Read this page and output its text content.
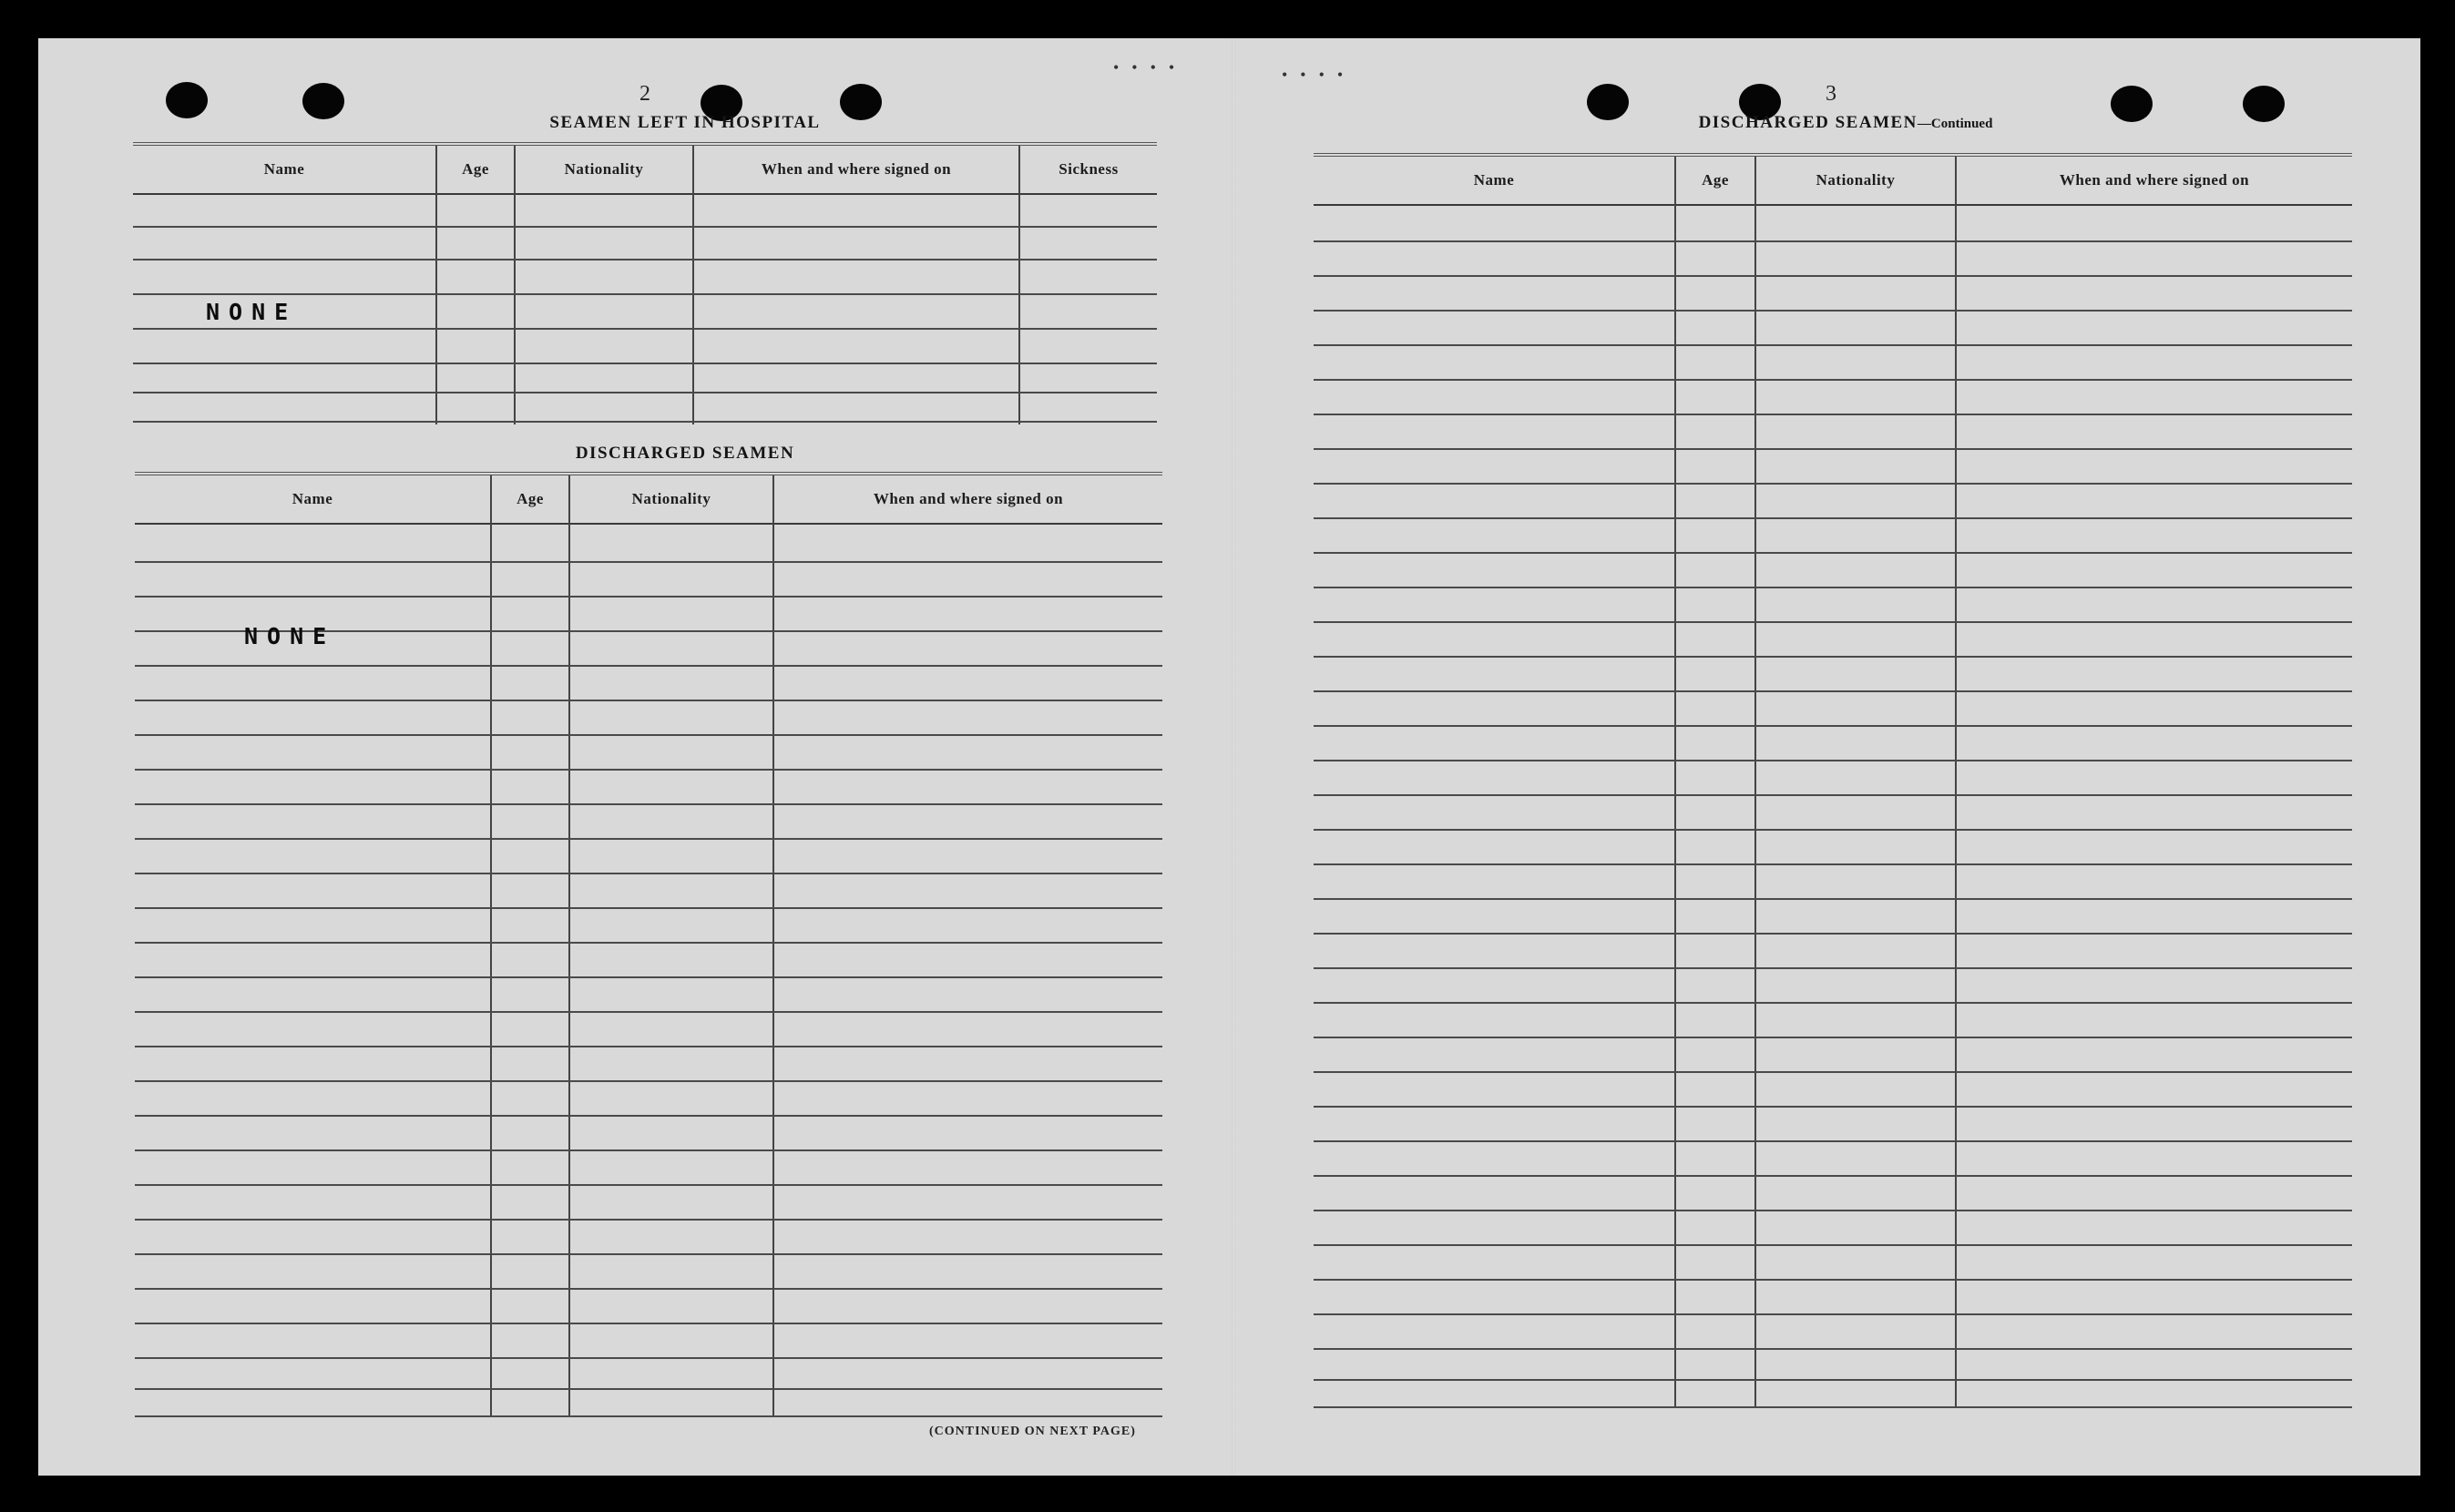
••••	••••
2
SEAMEN LEFT IN HOSPITAL
Name	Age	Nationality	When and where signed on	Sickness
NONE
DISCHARGED SEAMEN
Name	Age	Nationality	When and where signed on
NONE
(CONTINUED ON NEXT PAGE)
3
DISCHARGED SEAMEN—Continued
Name	Age	Nationality	When and where signed on
